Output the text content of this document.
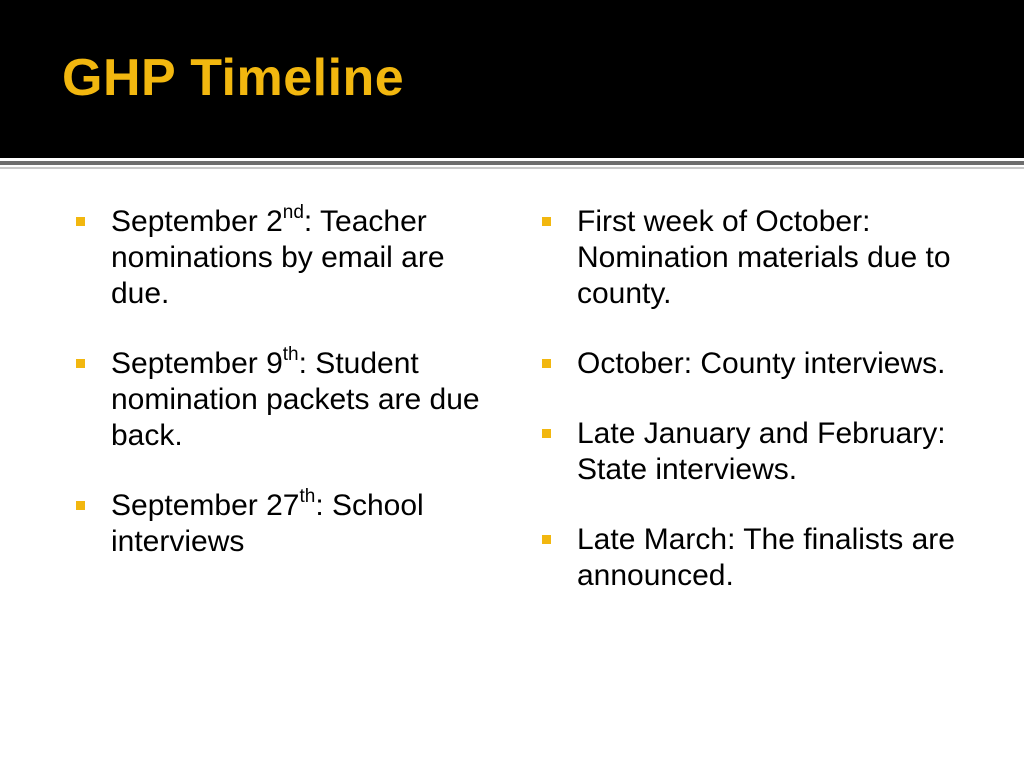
GHP Timeline
September 2nd: Teacher nominations by email are due.
September 9th: Student nomination packets are due back.
September 27th: School interviews
First week of October: Nomination materials due to county.
October: County interviews.
Late January and February: State interviews.
Late March: The finalists are announced.
